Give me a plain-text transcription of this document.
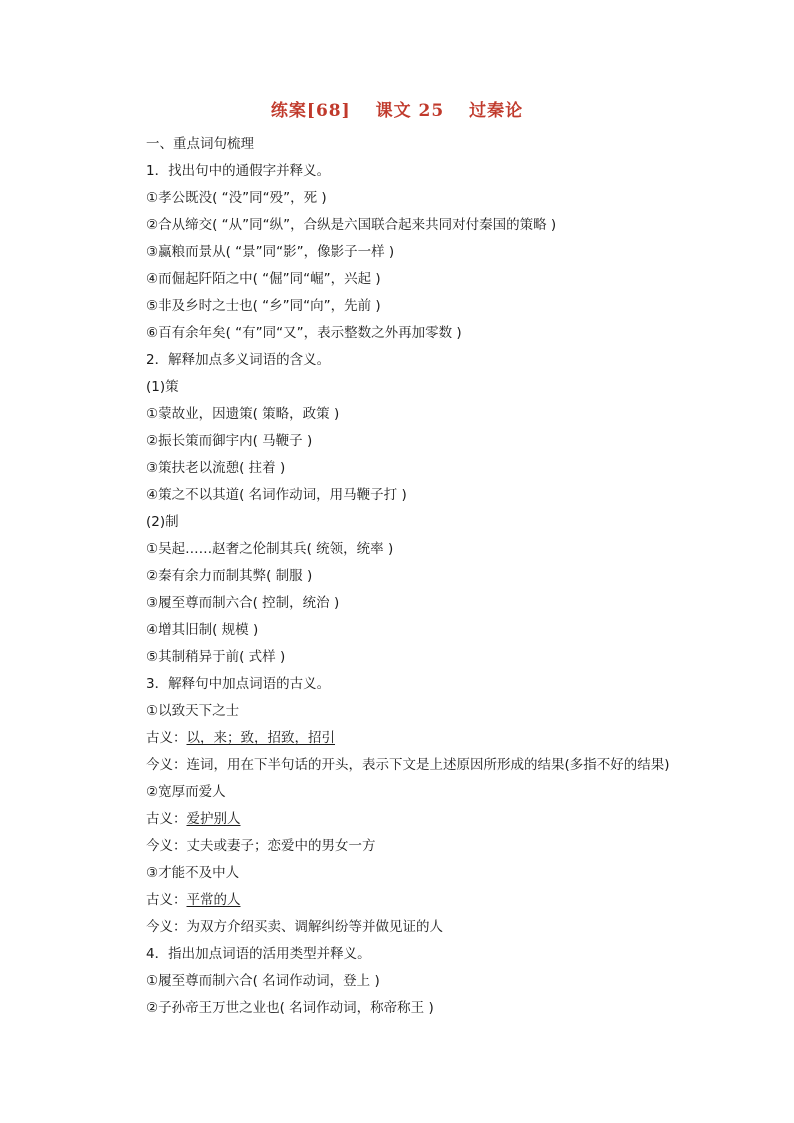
练案[68] 课文 25 过秦论
一、重点词句梳理
1．找出句中的通假字并释义。
①孝公既没( “没”同“殁”，死 )
②合从缔交( “从”同“纵”，合纵是六国联合起来共同对付秦国的策略 )
③赢粮而景从( “景”同“影”，像影子一样 )
④而倔起阡陌之中( “倔”同“崛”，兴起 )
⑤非及乡时之士也( “乡”同“向”，先前 )
⑥百有余年矣( “有”同“又”，表示整数之外再加零数 )
2．解释加点多义词语的含义。
(1)策
①蒙故业，因遗策( 策略，政策 )
②振长策而御宇内( 马鞭子 )
③策扶老以流憩( 拄着 )
④策之不以其道( 名词作动词，用马鞭子打 )
(2)制
①吴起……赵奢之伦制其兵( 统领，统率 )
②秦有余力而制其弊( 制服 )
③履至尊而制六合( 控制，统治 )
④增其旧制( 规模 )
⑤其制稍异于前( 式样 )
3．解释句中加点词语的古义。
①以致天下之士
古义：以，来；致，招致，招引
今义：连词，用在下半句话的开头，表示下文是上述原因所形成的结果(多指不好的结果)
②宽厚而爱人
古义：爱护别人
今义：丈夫或妻子；恋爱中的男女一方
③才能不及中人
古义：平常的人
今义：为双方介绍买卖、调解纠纷等并做见证的人
4．指出加点词语的活用类型并释义。
①履至尊而制六合( 名词作动词，登上 )
②子孙帝王万世之业也( 名词作动词，称帝称王 )
